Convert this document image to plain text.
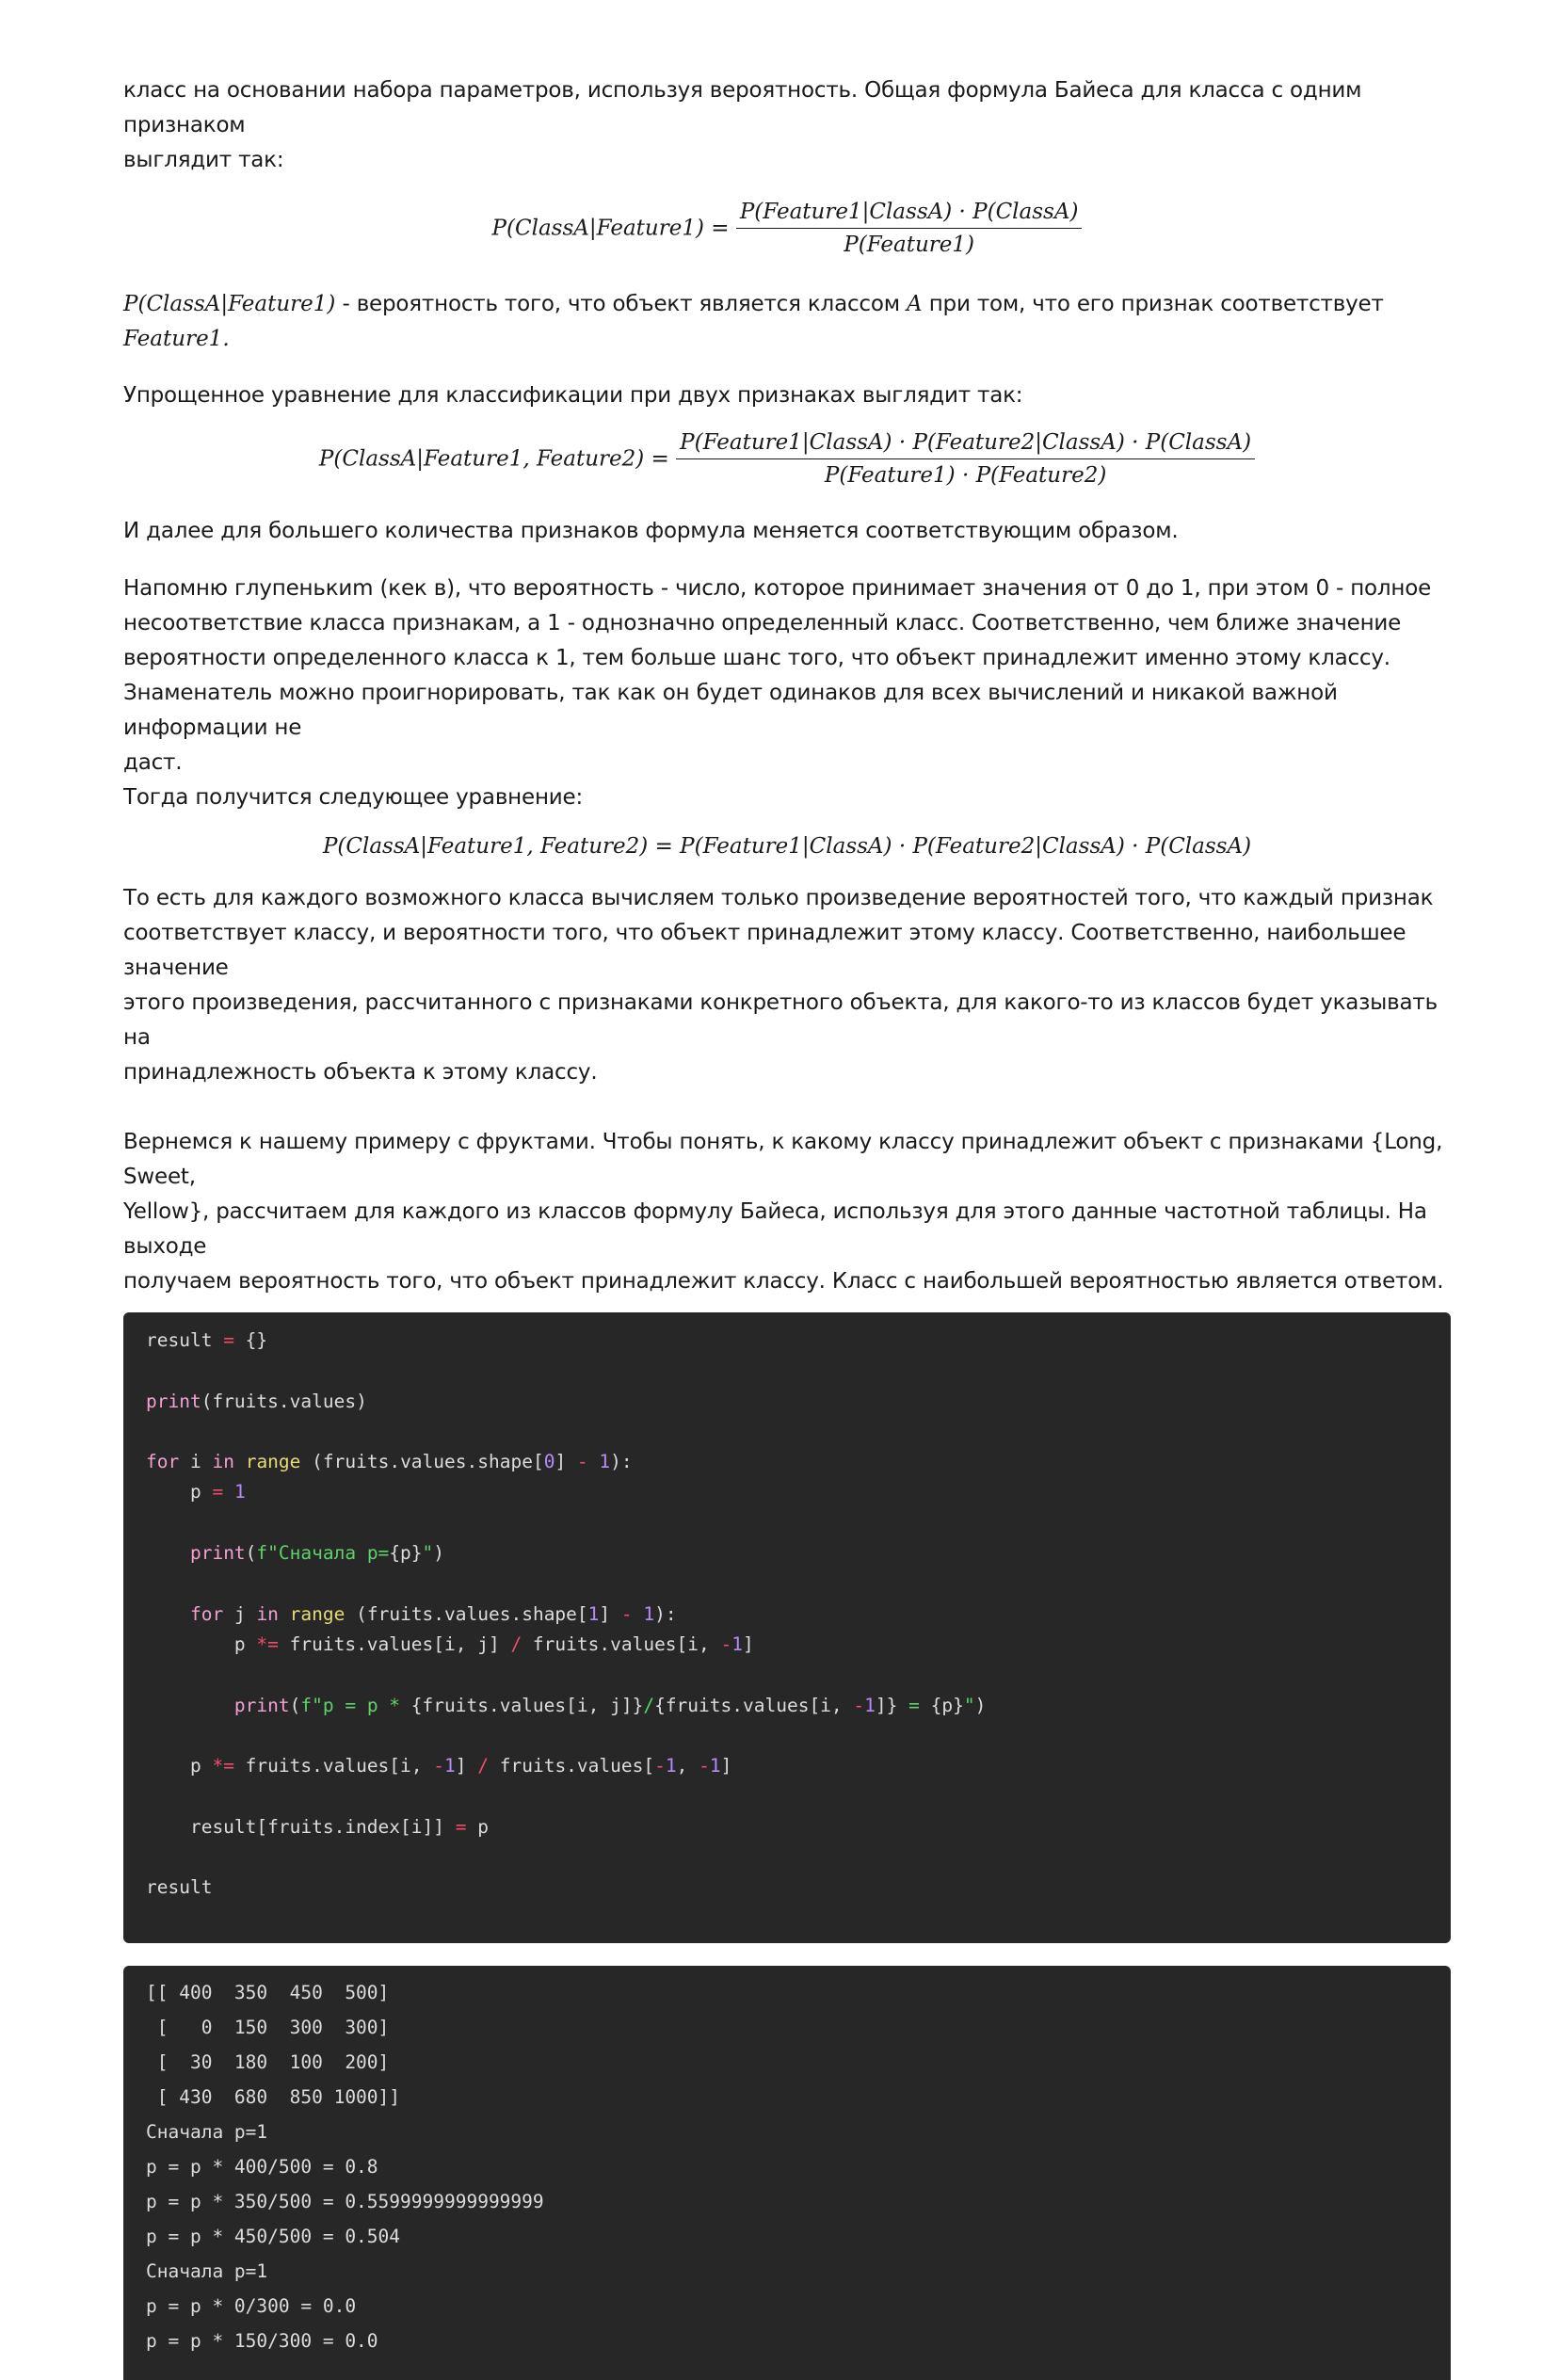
класс на основании набора параметров, используя вероятность. Общая формула Байеса для класса с одним признаком

выглядит так:

P(ClassA|Feature1) = $\frac{\text{P(Feature1|ClassA) · P(ClassA)}}{\text{P(Feature1)}}$

P(ClassA|Feature1) - вероятность того, что объект является классом A при том, что его признак соответствует Feature1.

Упрощенное уравнение для классификации при двух признаках выглядит так:

P(ClassA|Feature1, Feature2) = $\frac{\text{P(Feature1|ClassA) · P(Feature2|ClassA) · P(ClassA)}}{\text{P(Feature1) · P(Feature2)}}$

И далее для большего количества признаков формула меняется соответствующим образом.

Напомню глупенькиm (кек в), что вероятность - число, которое принимает значения от 0 до 1, при этом 0 - полное

несоответствие класса признакам, а 1 - однозначно определенный класс. Соответственно, чем ближе значение

вероятности определенного класса к 1, тем больше шанс того, что объект принадлежит именно этому классу.

Знаменатель можно проигнорировать, так как он будет одинаков для всех вычислений и никакой важной информации не

даст.

Тогда получится следующее уравнение:

P(ClassA|Feature1, Feature2) = P(Feature1|ClassA) · P(Feature2|ClassA) · P(ClassA)

То есть для каждого возможного класса вычисляем только произведение вероятностей того, что каждый признак

соответствует классу, и вероятности того, что объект принадлежит этому классу. Соответственно, наибольшее значение

этого произведения, рассчитанного с признаками конкретного объекта, для какого-то из классов будет указывать на

принадлежность объекта к этому классу.

Вернемся к нашему примеру с фруктами. Чтобы понять, к какому классу принадлежит объект с признаками {Long, Sweet,

Yellow}, рассчитаем для каждого из классов формулу Байеса, используя для этого данные частотной таблицы. На выходе

получаем вероятность того, что объект принадлежит классу. Класс с наибольшей вероятностью является ответом.

result = {}

print(fruits.values)

for i in range (fruits.values.shape[0] - 1):
p = 1

print(f"Сначала p={p}")

for j in range (fruits.values.shape[1] - 1):
p *= fruits.values[i, j] / fruits.values[i, -1]

print(f"p = p * {fruits.values[i, j]}/{fruits.values[i, -1]} = {p}")

p *= fruits.values[i, -1] / fruits.values[-1, -1]

result[fruits.index[i]] = p

result
[[ 400  350  450  500]
[   0  150  300  300]
[  30  180  100  200]
[ 430  680  850 1000]]
Сначала p=1
p = p * 400/500 = 0.8
p = p * 350/500 = 0.5599999999999999
p = p * 450/500 = 0.504
Сначала p=1
p = p * 0/300 = 0.0
p = p * 150/300 = 0.0
